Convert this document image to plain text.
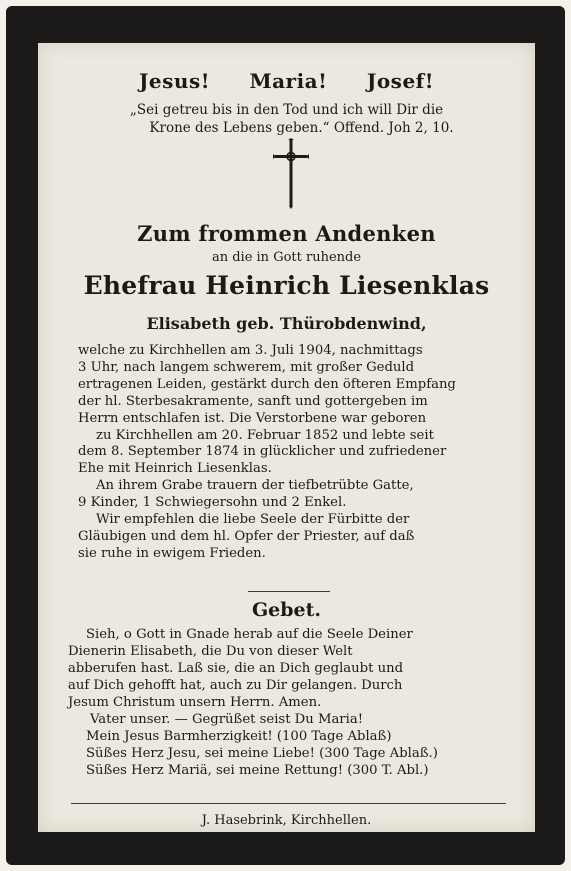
Jesus! Maria! Josef!
„Sei getreu bis in den Tod und ich will Dir die
Krone des Lebens geben.“ Offend. Joh 2, 10.
Zum frommen Andenken
an die in Gott ruhende
Ehefrau Heinrich Liesenklas
Elisabeth geb. Thürobdenwind,
welche zu Kirchhellen am 3. Juli 1904, nachmittags
3 Uhr, nach langem schwerem, mit großer Geduld
ertragenen Leiden, gestärkt durch den öfteren Empfang
der hl. Sterbesakramente, sanft und gottergeben im
Herrn entschlafen ist. Die Verstorbene war geboren
zu Kirchhellen am 20. Februar 1852 und lebte seit
dem 8. September 1874 in glücklicher und zufriedener
Ehe mit Heinrich Liesenklas.
An ihrem Grabe trauern der tiefbetrübte Gatte,
9 Kinder, 1 Schwiegersohn und 2 Enkel.
Wir empfehlen die liebe Seele der Fürbitte der
Gläubigen und dem hl. Opfer der Priester, auf daß
sie ruhe in ewigem Frieden.
Gebet.
Sieh, o Gott in Gnade herab auf die Seele Deiner
Dienerin Elisabeth, die Du von dieser Welt
abberufen hast. Laß sie, die an Dich geglaubt und
auf Dich gehofft hat, auch zu Dir gelangen. Durch
Jesum Christum unsern Herrn. Amen.
Vater unser. — Gegrüßet seist Du Maria!
Mein Jesus Barmherzigkeit! (100 Tage Ablaß)
Süßes Herz Jesu, sei meine Liebe! (300 Tage Ablaß.)
Süßes Herz Mariä, sei meine Rettung! (300 T. Abl.)
J. Hasebrink, Kirchhellen.
